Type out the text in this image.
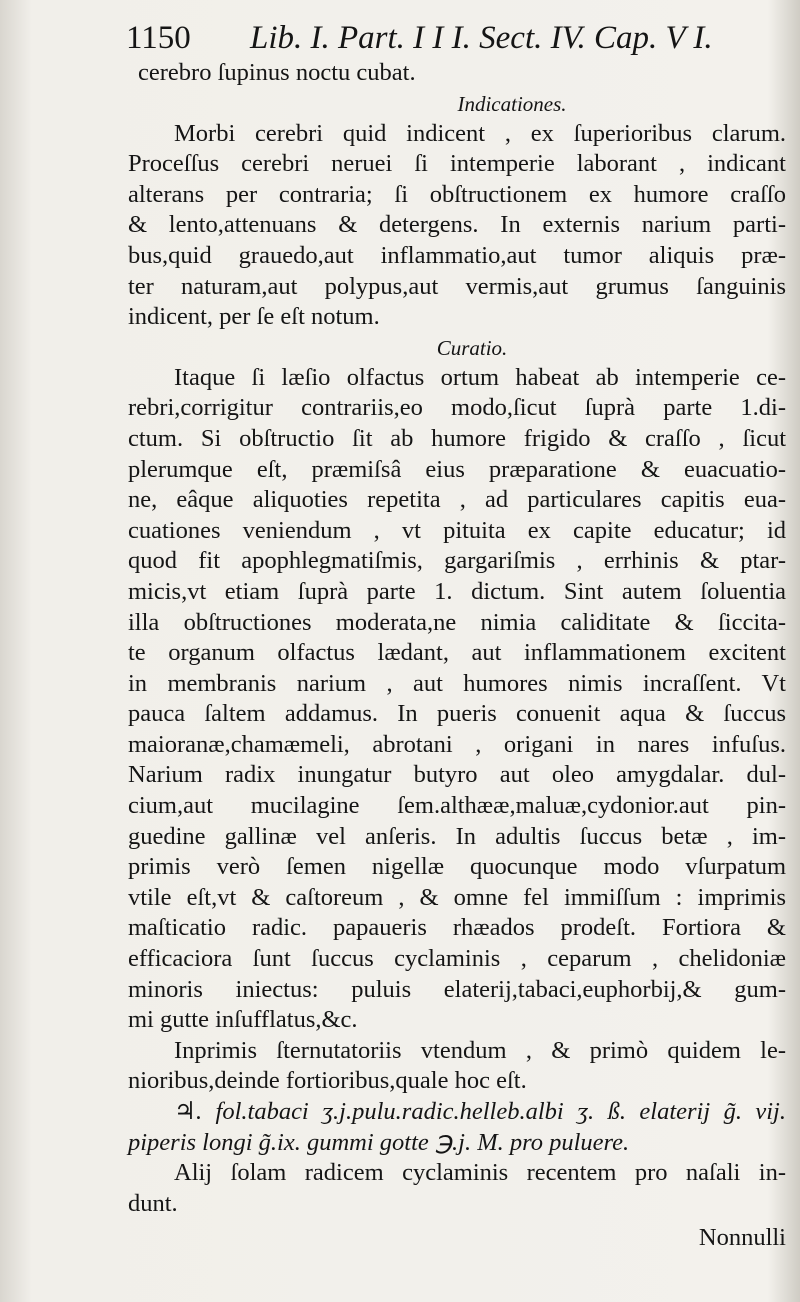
1150 Lib. I. Part. I I I. Sect. IV. Cap. V I.
cerebro ſupinus noctu cubat.
Indicationes.
Morbi cerebri quid indicent , ex ſuperioribus clarum.
Proceſſus cerebri neruei ſi intemperie laborant , indicant
alterans per contraria; ſi obſtructionem ex humore craſſo
& lento,attenuans & detergens. In externis narium parti-
bus,quid grauedo,aut inflammatio,aut tumor aliquis præ-
ter naturam,aut polypus,aut vermis,aut grumus ſanguinis
indicent, per ſe eſt notum.
Curatio.
Itaque ſi læſio olfactus ortum habeat ab intemperie ce-
rebri,corrigitur contrariis,eo modo,ſicut ſuprà parte 1.di-
ctum. Si obſtructio ſit ab humore frigido & craſſo , ſicut
plerumque eſt, præmiſsâ eius præparatione & euacuatio-
ne, eâque aliquoties repetita , ad particulares capitis eua-
cuationes veniendum , vt pituita ex capite educatur; id
quod fit apophlegmatiſmis, gargariſmis , errhinis & ptar-
micis,vt etiam ſuprà parte 1. dictum. Sint autem ſoluentia
illa obſtructiones moderata,ne nimia caliditate & ſiccita-
te organum olfactus lædant, aut inflammationem excitent
in membranis narium , aut humores nimis incraſſent. Vt
pauca ſaltem addamus. In pueris conuenit aqua & ſuccus
maioranæ,chamæmeli, abrotani , origani in nares infuſus.
Narium radix inungatur butyro aut oleo amygdalar. dul-
cium,aut mucilagine ſem.althææ,maluæ,cydonior.aut pin-
guedine gallinæ vel anſeris. In adultis ſuccus betæ , im-
primis verò ſemen nigellæ quocunque modo vſurpatum
vtile eſt,vt & caſtoreum , & omne fel immiſſum : imprimis
maſticatio radic. papaueris rhæados prodeſt. Fortiora &
efficaciora ſunt ſuccus cyclaminis , ceparum , chelidoniæ
minoris iniectus: puluis elaterij,tabaci,euphorbij,& gum-
mi gutte inſufflatus,&c.
Inprimis ſternutatoriis vtendum , & primò quidem le-
nioribus,deinde fortioribus,quale hoc eſt.
♃. fol.tabaci ʒ.j.pulu.radic.helleb.albi ʒ. ß. elaterij g̃. vij.
piperis longi g̃.ix. gummi gotte ℈.j. M. pro puluere.
Alij ſolam radicem cyclaminis recentem pro naſali in-
dunt.
Nonnulli
